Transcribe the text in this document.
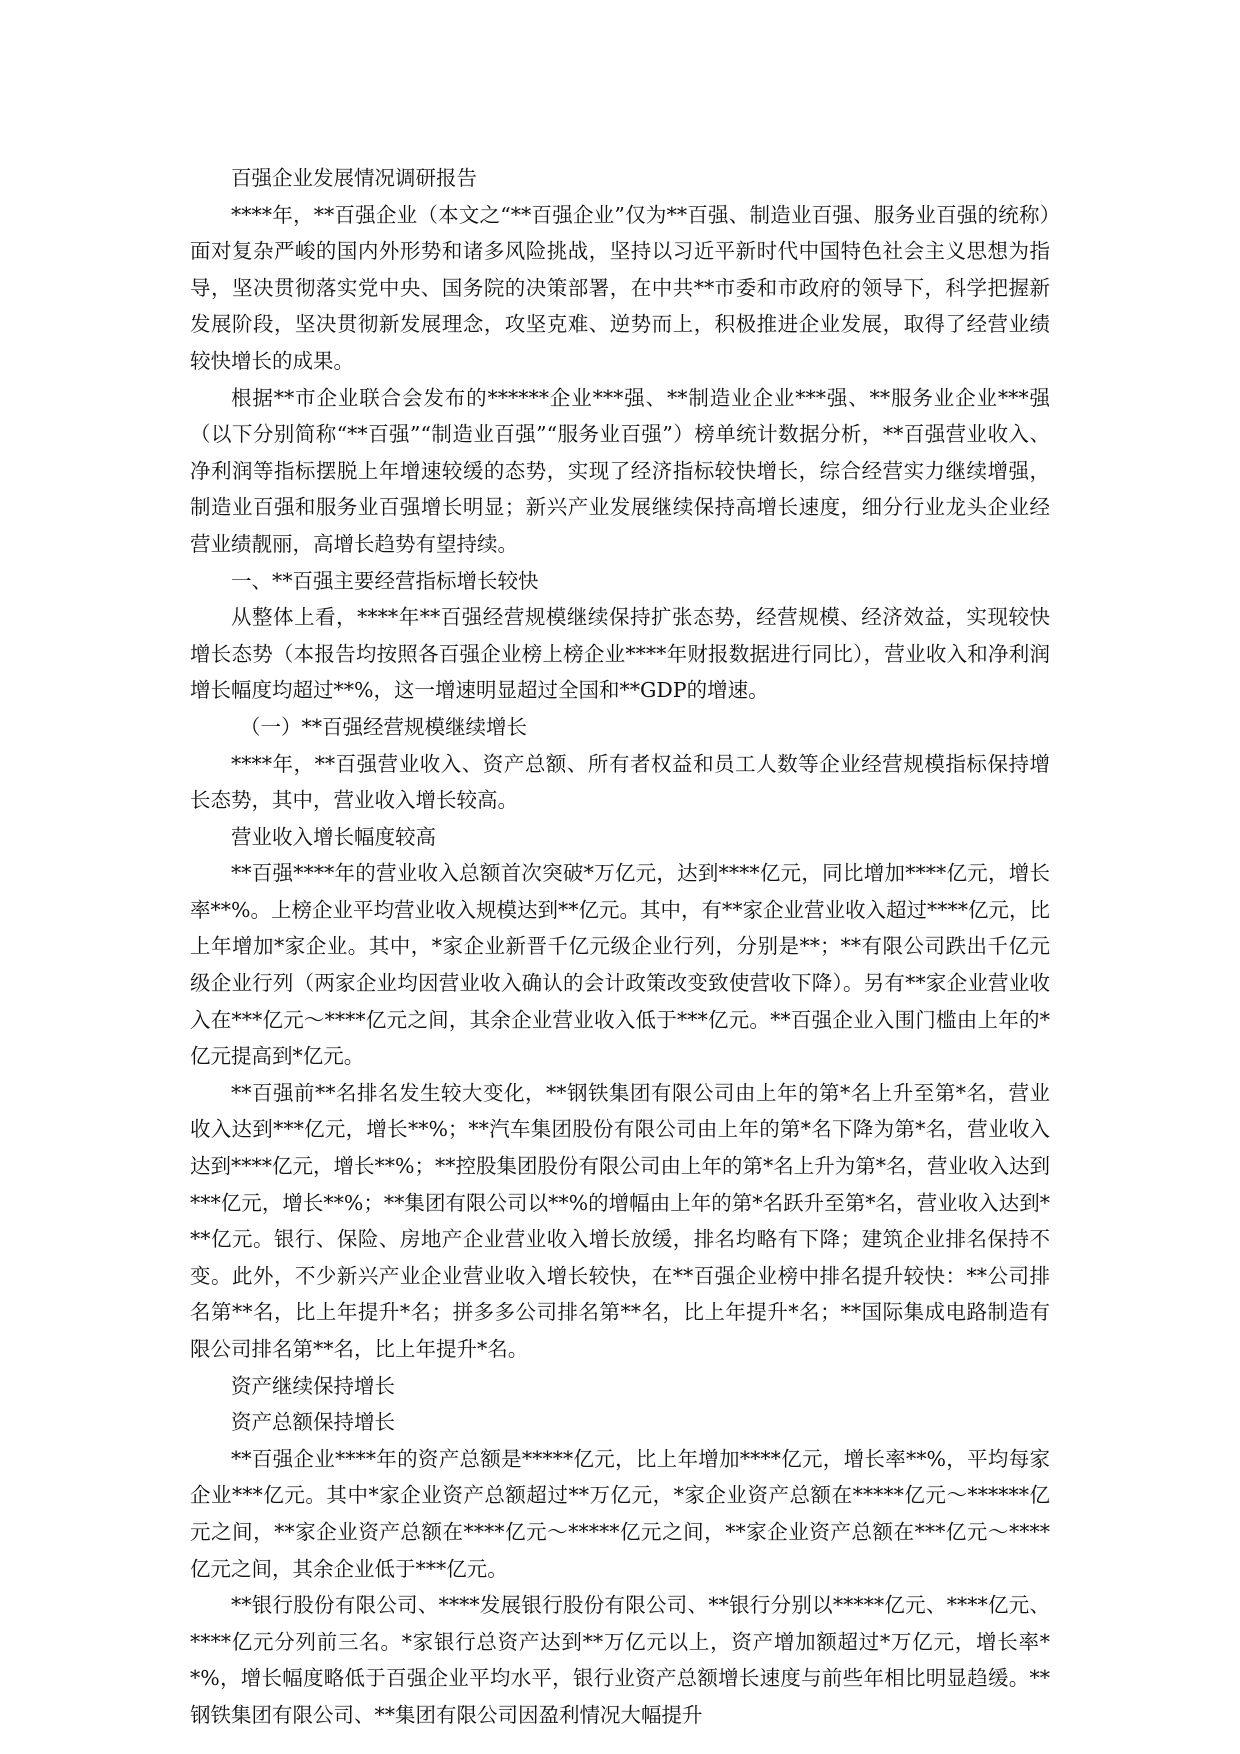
百强企业发展情况调研报告

****年，**百强企业（本文之“**百强企业”仅为**百强、制造业百强、服务业百强的统称）面对复杂严峻的国内外形势和诸多风险挑战，坚持以习近平新时代中国特色社会主义思想为指导，坚决贯彻落实党中央、国务院的决策部署，在中共**市委和市政府的领导下，科学把握新发展阶段，坚决贯彻新发展理念，攻坚克难、逆势而上，积极推进企业发展，取得了经营业绩较快增长的成果。

根据**市企业联合会发布的******企业***强、**制造业企业***强、**服务业企业***强（以下分别简称“**百强”“制造业百强”“服务业百强”）榜单统计数据分析，**百强营业收入、净利润等指标摆脱上年增速较缓的态势，实现了经济指标较快增长，综合经营实力继续增强，制造业百强和服务业百强增长明显；新兴产业发展继续保持高增长速度，细分行业龙头企业经营业绩靓丽，高增长趋势有望持续。

一、**百强主要经营指标增长较快

从整体上看，****年**百强经营规模继续保持扩张态势，经营规模、经济效益，实现较快增长态势（本报告均按照各百强企业榜上榜企业****年财报数据进行同比），营业收入和净利润增长幅度均超过**%，这一增速明显超过全国和**GDP的增速。

（一）**百强经营规模继续增长

****年，**百强营业收入、资产总额、所有者权益和员工人数等企业经营规模指标保持增长态势，其中，营业收入增长较高。

营业收入增长幅度较高

**百强****年的营业收入总额首次突破*万亿元，达到****亿元，同比增加****亿元，增长率**%。上榜企业平均营业收入规模达到**亿元。其中，有**家企业营业收入超过****亿元，比上年增加*家企业。其中，*家企业新晋千亿元级企业行列，分别是**；**有限公司跌出千亿元级企业行列（两家企业均因营业收入确认的会计政策改变致使营收下降）。另有**家企业营业收入在***亿元～****亿元之间，其余企业营业收入低于***亿元。**百强企业入围门槛由上年的*亿元提高到*亿元。

**百强前**名排名发生较大变化，**钢铁集团有限公司由上年的第*名上升至第*名，营业收入达到***亿元，增长**%；**汽车集团股份有限公司由上年的第*名下降为第*名，营业收入达到****亿元，增长**%；**控股集团股份有限公司由上年的第*名上升为第*名，营业收入达到***亿元，增长**%；**集团有限公司以**%的增幅由上年的第*名跃升至第*名，营业收入达到***亿元。银行、保险、房地产企业营业收入增长放缓，排名均略有下降；建筑企业排名保持不变。此外，不少新兴产业企业营业收入增长较快，在**百强企业榜中排名提升较快：**公司排名第**名，比上年提升*名；拼多多公司排名第**名，比上年提升*名；**国际集成电路制造有限公司排名第**名，比上年提升*名。

资产继续保持增长

资产总额保持增长

**百强企业****年的资产总额是*****亿元，比上年增加****亿元，增长率**%，平均每家企业***亿元。其中*家企业资产总额超过**万亿元，*家企业资产总额在*****亿元～******亿元之间，**家企业资产总额在****亿元～*****亿元之间，**家企业资产总额在***亿元～****亿元之间，其余企业低于***亿元。

**银行股份有限公司、****发展银行股份有限公司、**银行分别以*****亿元、****亿元、****亿元分列前三名。*家银行总资产达到**万亿元以上，资产增加额超过*万亿元，增长率**%，增长幅度略低于百强企业平均水平，银行业资产总额增长速度与前些年相比明显趋缓。**钢铁集团有限公司、**集团有限公司因盈利情况大幅提升
